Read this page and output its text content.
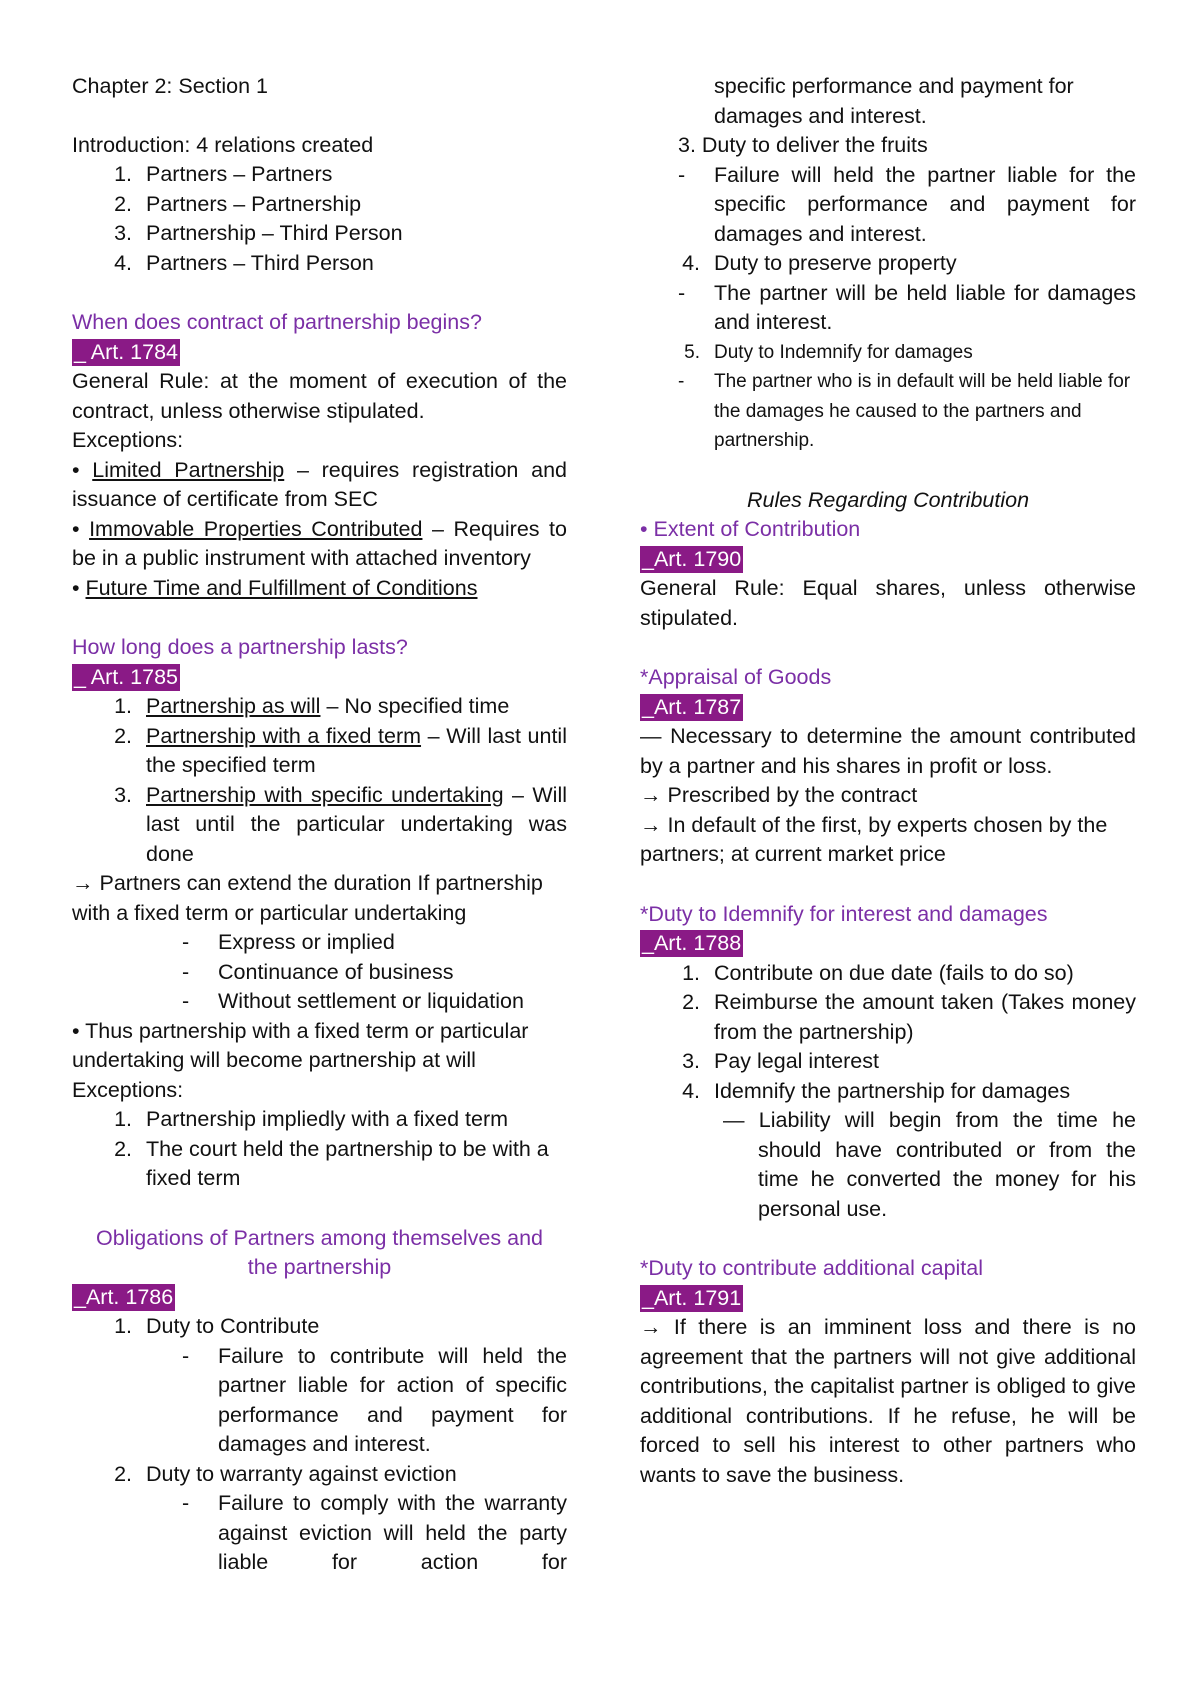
Chapter 2: Section 1

Introduction: 4 relations created

1. Partners – Partners
2. Partners – Partnership
3. Partnership – Third Person
4. Partners – Third Person

When does contract of partnership begins?

_ Art. 1784

General Rule: at the moment of execution of the contract, unless otherwise stipulated.

Exceptions:

• Limited Partnership – requires registration and issuance of certificate from SEC

• Immovable Properties Contributed – Requires to be in a public instrument with attached inventory

• Future Time and Fulfillment of Conditions

How long does a partnership lasts?

_ Art. 1785

1. Partnership as will – No specified time
2. Partnership with a fixed term – Will last until the specified term
3. Partnership with specific undertaking – Will last until the particular undertaking was done

→ Partners can extend the duration If partnership with a fixed term or particular undertaking

- Express or implied
- Continuance of business
- Without settlement or liquidation

• Thus partnership with a fixed term or particular undertaking will become partnership at will

Exceptions:

1. Partnership impliedly with a fixed term
2. The court held the partnership to be with a fixed term

Obligations of Partners among themselves and the partnership

_Art. 1786

1. Duty to Contribute
- Failure to contribute will held the partner liable for action of specific performance and payment for damages and interest.
2. Duty to warranty against eviction
- Failure to comply with the warranty against eviction will held the party liable for action for
specific performance and payment for damages and interest.

3. Duty to deliver the fruits

- Failure will held the partner liable for the specific performance and payment for damages and interest.
4. Duty to preserve property
- The partner will be held liable for damages and interest.
5. Duty to Indemnify for damages
- The partner who is in default will be held liable for the damages he caused to the partners and partnership.

Rules Regarding Contribution

• Extent of Contribution

_Art. 1790

General Rule: Equal shares, unless otherwise stipulated.

*Appraisal of Goods

_Art. 1787

— Necessary to determine the amount contributed by a partner and his shares in profit or loss.

→ Prescribed by the contract

→ In default of the first, by experts chosen by the partners; at current market price

*Duty to Idemnify for interest and damages

_Art. 1788

1. Contribute on due date (fails to do so)
2. Reimburse the amount taken (Takes money from the partnership)
3. Pay legal interest
4. Idemnify the partnership for damages

— Liability will begin from the time he should have contributed or from the time he converted the money for his personal use.

*Duty to contribute additional capital

_Art. 1791

→ If there is an imminent loss and there is no agreement that the partners will not give additional contributions, the capitalist partner is obliged to give additional contributions. If he refuse, he will be forced to sell his interest to other partners who wants to save the business.
